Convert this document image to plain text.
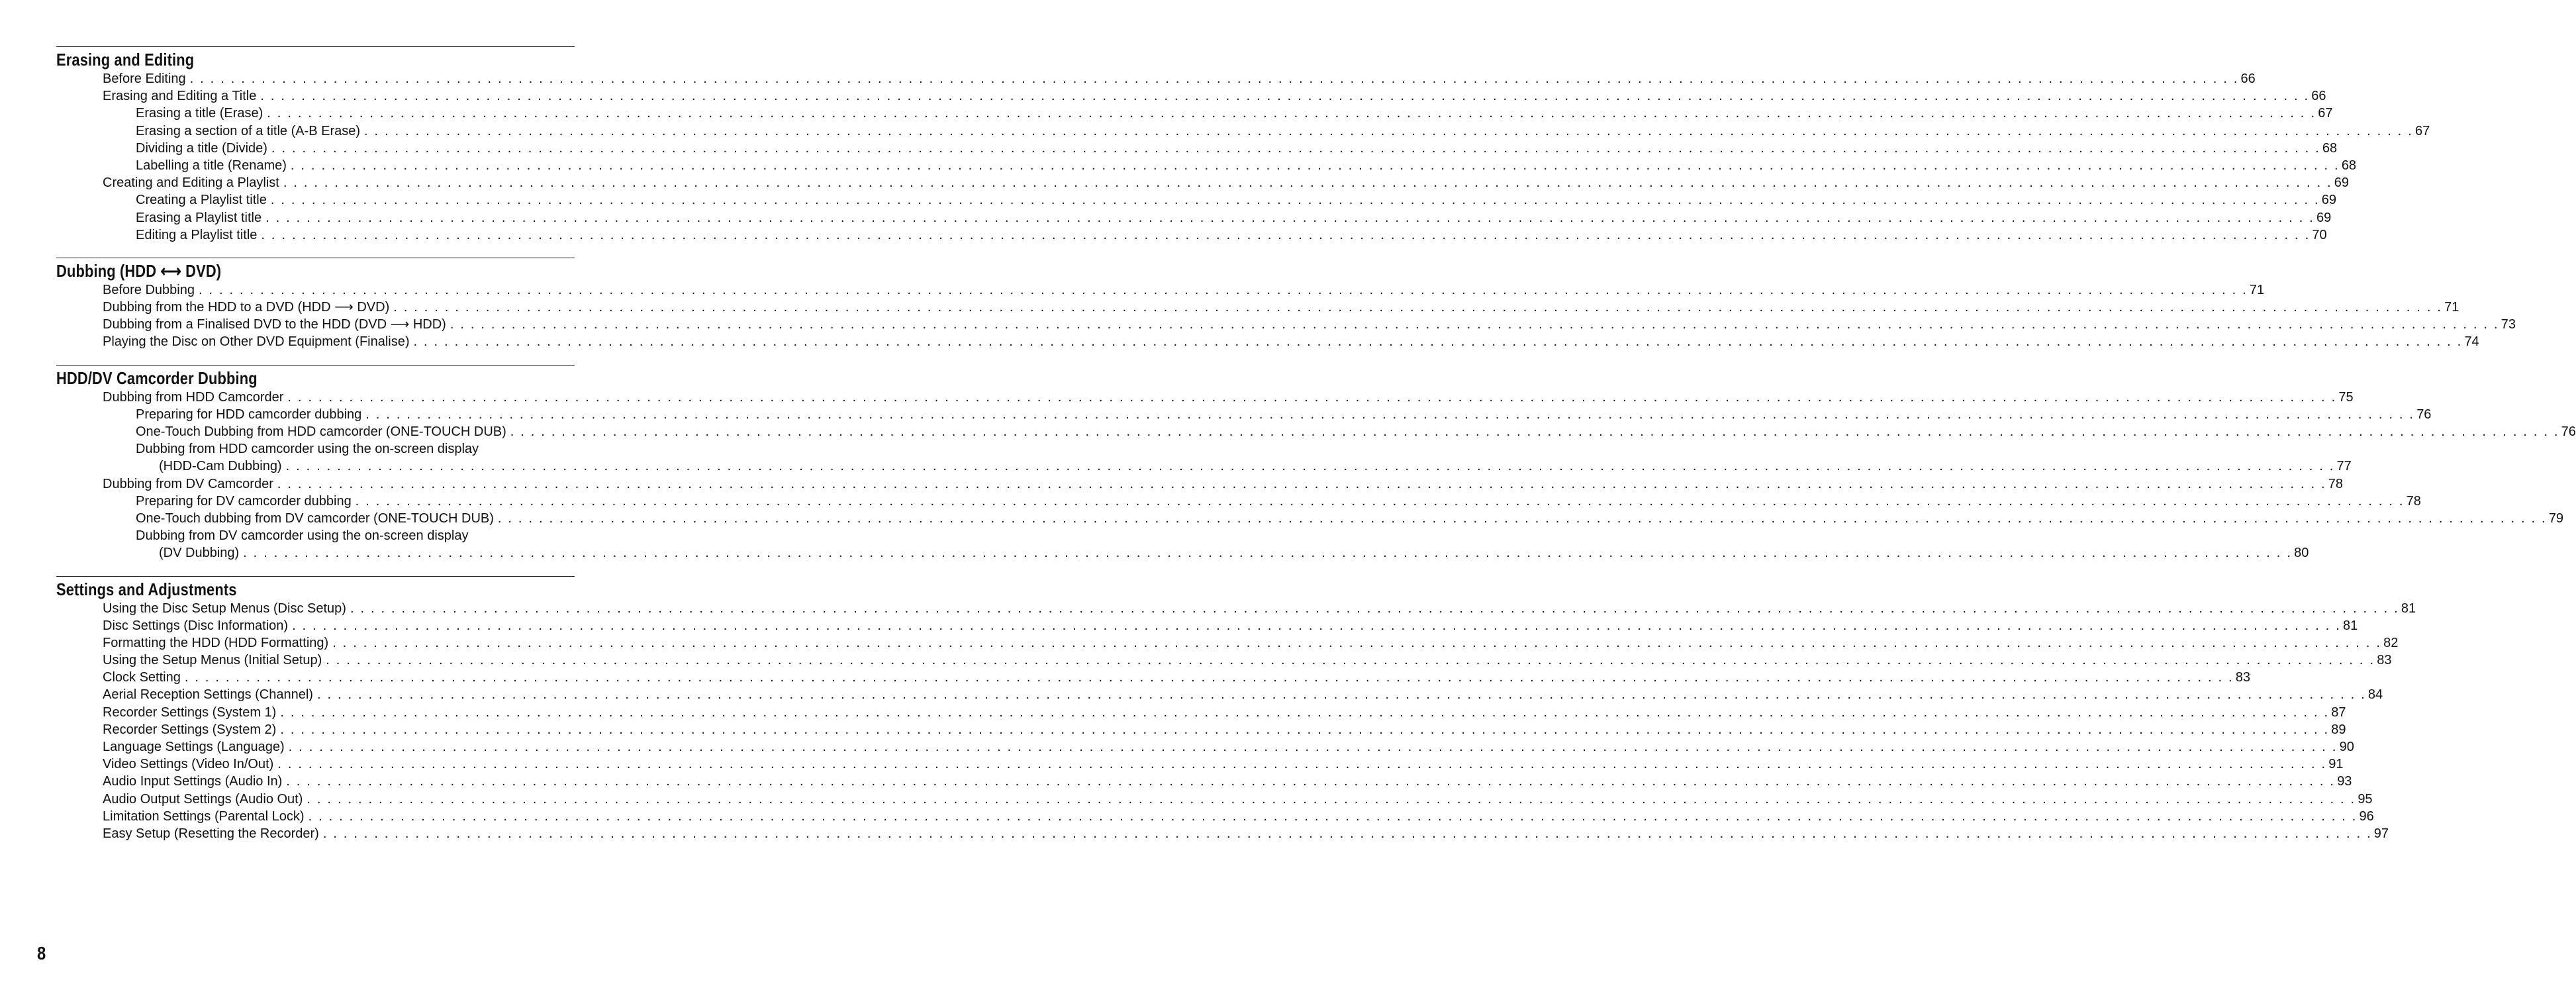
Erasing and Editing
Before Editing . . . . . . . . . . . . . . . . . . . . . . . . . . . . . . . . . . . . . . . . . . . . . . . . . . . . . . . . . . . . . . . . . . . . . . . . . . . . . . . . . . . . . . . . . . . . . . . . . . . . . . . . . . . . . . . . . . . . . . . . . . . . . . . . . . . . . . . . . . . . . . . . . . . . . . . . . . . . . . . . . . . . . . . . . . . . . . . . . . . . . . . . . . . . . . . . . . . . . . . . 66
Erasing and Editing a Title . . . . . . . . . . . . . . . . . . . . . . . . . . . . . . . . . . . . . . . . . . . . . . . . . . . . . . . . . . . . . . . . . . . . . . . . . . . . . . . . . . . . . . . . . . . . . . . . . . . . . . . . . . . . . . . . . . . . . . . . . . . . . . . . . . . . . . . . . . . . . . . . . . . . . . . . . . . . . . . . . . . . . . . . . . . . . . . . . . . . . . . . . . . . . . . . . . . . . . . . 66
Erasing a title (Erase) . . . . . . . . . . . . . . . . . . . . . . . . . . . . . . . . . . . . . . . . . . . . . . . . . . . . . . . . . . . . . . . . . . . . . . . . . . . . . . . . . . . . . . . . . . . . . . . . . . . . . . . . . . . . . . . . . . . . . . . . . . . . . . . . . . . . . . . . . . . . . . . . . . . . . . . . . . . . . . . . . . . . . . . . . . . . . . . . . . . . . . . . . . . . . . . . . . . . . . . . 67
Erasing a section of a title (A-B Erase) . . . . . . . . . . . . . . . . . . . . . . . . . . . . . . . . . . . . . . . . . . . . . . . . . . . . . . . . . . . . . . . . . . . . . . . . . . . . . . . . . . . . . . . . . . . . . . . . . . . . . . . . . . . . . . . . . . . . . . . . . . . . . . . . . . . . . . . . . . . . . . . . . . . . . . . . . . . . . . . . . . . . . . . . . . . . . . . . . . . . . . . . . . . . . . . . . . . . . . . . 67
Dividing a title (Divide) . . . . . . . . . . . . . . . . . . . . . . . . . . . . . . . . . . . . . . . . . . . . . . . . . . . . . . . . . . . . . . . . . . . . . . . . . . . . . . . . . . . . . . . . . . . . . . . . . . . . . . . . . . . . . . . . . . . . . . . . . . . . . . . . . . . . . . . . . . . . . . . . . . . . . . . . . . . . . . . . . . . . . . . . . . . . . . . . . . . . . . . . . . . . . . . . . . . . . . . . 68
Labelling a title (Rename) . . . . . . . . . . . . . . . . . . . . . . . . . . . . . . . . . . . . . . . . . . . . . . . . . . . . . . . . . . . . . . . . . . . . . . . . . . . . . . . . . . . . . . . . . . . . . . . . . . . . . . . . . . . . . . . . . . . . . . . . . . . . . . . . . . . . . . . . . . . . . . . . . . . . . . . . . . . . . . . . . . . . . . . . . . . . . . . . . . . . . . . . . . . . . . . . . . . . . . . . 68
Creating and Editing a Playlist . . . . . . . . . . . . . . . . . . . . . . . . . . . . . . . . . . . . . . . . . . . . . . . . . . . . . . . . . . . . . . . . . . . . . . . . . . . . . . . . . . . . . . . . . . . . . . . . . . . . . . . . . . . . . . . . . . . . . . . . . . . . . . . . . . . . . . . . . . . . . . . . . . . . . . . . . . . . . . . . . . . . . . . . . . . . . . . . . . . . . . . . . . . . . . . . . . . . . . . . 69
Creating a Playlist title . . . . . . . . . . . . . . . . . . . . . . . . . . . . . . . . . . . . . . . . . . . . . . . . . . . . . . . . . . . . . . . . . . . . . . . . . . . . . . . . . . . . . . . . . . . . . . . . . . . . . . . . . . . . . . . . . . . . . . . . . . . . . . . . . . . . . . . . . . . . . . . . . . . . . . . . . . . . . . . . . . . . . . . . . . . . . . . . . . . . . . . . . . . . . . . . . . . . . . . . 69
Erasing a Playlist title . . . . . . . . . . . . . . . . . . . . . . . . . . . . . . . . . . . . . . . . . . . . . . . . . . . . . . . . . . . . . . . . . . . . . . . . . . . . . . . . . . . . . . . . . . . . . . . . . . . . . . . . . . . . . . . . . . . . . . . . . . . . . . . . . . . . . . . . . . . . . . . . . . . . . . . . . . . . . . . . . . . . . . . . . . . . . . . . . . . . . . . . . . . . . . . . . . . . . . . . 69
Editing a Playlist title . . . . . . . . . . . . . . . . . . . . . . . . . . . . . . . . . . . . . . . . . . . . . . . . . . . . . . . . . . . . . . . . . . . . . . . . . . . . . . . . . . . . . . . . . . . . . . . . . . . . . . . . . . . . . . . . . . . . . . . . . . . . . . . . . . . . . . . . . . . . . . . . . . . . . . . . . . . . . . . . . . . . . . . . . . . . . . . . . . . . . . . . . . . . . . . . . . . . . . . . 70
Dubbing (HDD ⟷ DVD)
Before Dubbing . . . . . . . . . . . . . . . . . . . . . . . . . . . . . . . . . . . . . . . . . . . . . . . . . . . . . . . . . . . . . . . . . . . . . . . . . . . . . . . . . . . . . . . . . . . . . . . . . . . . . . . . . . . . . . . . . . . . . . . . . . . . . . . . . . . . . . . . . . . . . . . . . . . . . . . . . . . . . . . . . . . . . . . . . . . . . . . . . . . . . . . . . . . . . . . . . . . . . . . . 71
Dubbing from the HDD to a DVD (HDD ⟶ DVD) . . . . . . . . . . . . . . . . . . . . . . . . . . . . . . . . . . . . . . . . . . . . . . . . . . . . . . . . . . . . . . . . . . . . . . . . . . . . . . . . . . . . . . . . . . . . . . . . . . . . . . . . . . . . . . . . . . . . . . . . . . . . . . . . . . . . . . . . . . . . . . . . . . . . . . . . . . . . . . . . . . . . . . . . . . . . . . . . . . . . . . . . . . . . . . . . . . . . . . . . 71
Dubbing from a Finalised DVD to the HDD (DVD ⟶ HDD) . . . . . . . . . . . . . . . . . . . . . . . . . . . . . . . . . . . . . . . . . . . . . . . . . . . . . . . . . . . . . . . . . . . . . . . . . . . . . . . . . . . . . . . . . . . . . . . . . . . . . . . . . . . . . . . . . . . . . . . . . . . . . . . . . . . . . . . . . . . . . . . . . . . . . . . . . . . . . . . . . . . . . . . . . . . . . . . . . . . . . . . . . . . . . . . . . . . . . . . . 73
Playing the Disc on Other DVD Equipment (Finalise) . . . . . . . . . . . . . . . . . . . . . . . . . . . . . . . . . . . . . . . . . . . . . . . . . . . . . . . . . . . . . . . . . . . . . . . . . . . . . . . . . . . . . . . . . . . . . . . . . . . . . . . . . . . . . . . . . . . . . . . . . . . . . . . . . . . . . . . . . . . . . . . . . . . . . . . . . . . . . . . . . . . . . . . . . . . . . . . . . . . . . . . . . . . . . . . . . . . . . . . . 74
HDD/DV Camcorder Dubbing
Dubbing from HDD Camcorder . . . . . . . . . . . . . . . . . . . . . . . . . . . . . . . . . . . . . . . . . . . . . . . . . . . . . . . . . . . . . . . . . . . . . . . . . . . . . . . . . . . . . . . . . . . . . . . . . . . . . . . . . . . . . . . . . . . . . . . . . . . . . . . . . . . . . . . . . . . . . . . . . . . . . . . . . . . . . . . . . . . . . . . . . . . . . . . . . . . . . . . . . . . . . . . . . . . . . . . . 75
Preparing for HDD camcorder dubbing . . . . . . . . . . . . . . . . . . . . . . . . . . . . . . . . . . . . . . . . . . . . . . . . . . . . . . . . . . . . . . . . . . . . . . . . . . . . . . . . . . . . . . . . . . . . . . . . . . . . . . . . . . . . . . . . . . . . . . . . . . . . . . . . . . . . . . . . . . . . . . . . . . . . . . . . . . . . . . . . . . . . . . . . . . . . . . . . . . . . . . . . . . . . . . . . . . . . . . . . 76
One-Touch Dubbing from HDD camcorder (ONE-TOUCH DUB) . . . . . . . . . . . . . . . . . . . . . . . . . . . . . . . . . . . . . . . . . . . . . . . . . . . . . . . . . . . . . . . . . . . . . . . . . . . . . . . . . . . . . . . . . . . . . . . . . . . . . . . . . . . . . . . . . . . . . . . . . . . . . . . . . . . . . . . . . . . . . . . . . . . . . . . . . . . . . . . . . . . . . . . . . . . . . . . . . . . . . . . . . . . . . . . . . . . . . . . . 76
Dubbing from HDD camcorder using the on-screen display
(HDD-Cam Dubbing) . . . . . . . . . . . . . . . . . . . . . . . . . . . . . . . . . . . . . . . . . . . . . . . . . . . . . . . . . . . . . . . . . . . . . . . . . . . . . . . . . . . . . . . . . . . . . . . . . . . . . . . . . . . . . . . . . . . . . . . . . . . . . . . . . . . . . . . . . . . . . . . . . . . . . . . . . . . . . . . . . . . . . . . . . . . . . . . . . . . . . . . . . . . . . . . . . . . . . . . . 77
Dubbing from DV Camcorder . . . . . . . . . . . . . . . . . . . . . . . . . . . . . . . . . . . . . . . . . . . . . . . . . . . . . . . . . . . . . . . . . . . . . . . . . . . . . . . . . . . . . . . . . . . . . . . . . . . . . . . . . . . . . . . . . . . . . . . . . . . . . . . . . . . . . . . . . . . . . . . . . . . . . . . . . . . . . . . . . . . . . . . . . . . . . . . . . . . . . . . . . . . . . . . . . . . . . . . . 78
Preparing for DV camcorder dubbing . . . . . . . . . . . . . . . . . . . . . . . . . . . . . . . . . . . . . . . . . . . . . . . . . . . . . . . . . . . . . . . . . . . . . . . . . . . . . . . . . . . . . . . . . . . . . . . . . . . . . . . . . . . . . . . . . . . . . . . . . . . . . . . . . . . . . . . . . . . . . . . . . . . . . . . . . . . . . . . . . . . . . . . . . . . . . . . . . . . . . . . . . . . . . . . . . . . . . . . . 78
One-Touch dubbing from DV camcorder (ONE-TOUCH DUB) . . . . . . . . . . . . . . . . . . . . . . . . . . . . . . . . . . . . . . . . . . . . . . . . . . . . . . . . . . . . . . . . . . . . . . . . . . . . . . . . . . . . . . . . . . . . . . . . . . . . . . . . . . . . . . . . . . . . . . . . . . . . . . . . . . . . . . . . . . . . . . . . . . . . . . . . . . . . . . . . . . . . . . . . . . . . . . . . . . . . . . . . . . . . . . . . . . . . . . . . 79
Dubbing from DV camcorder using the on-screen display
(DV Dubbing) . . . . . . . . . . . . . . . . . . . . . . . . . . . . . . . . . . . . . . . . . . . . . . . . . . . . . . . . . . . . . . . . . . . . . . . . . . . . . . . . . . . . . . . . . . . . . . . . . . . . . . . . . . . . . . . . . . . . . . . . . . . . . . . . . . . . . . . . . . . . . . . . . . . . . . . . . . . . . . . . . . . . . . . . . . . . . . . . . . . . . . . . . . . . . . . . . . . . . . . . 80
Settings and Adjustments
Using the Disc Setup Menus (Disc Setup) . . . . . . . . . . . . . . . . . . . . . . . . . . . . . . . . . . . . . . . . . . . . . . . . . . . . . . . . . . . . . . . . . . . . . . . . . . . . . . . . . . . . . . . . . . . . . . . . . . . . . . . . . . . . . . . . . . . . . . . . . . . . . . . . . . . . . . . . . . . . . . . . . . . . . . . . . . . . . . . . . . . . . . . . . . . . . . . . . . . . . . . . . . . . . . . . . . . . . . . . 81
Disc Settings (Disc Information) . . . . . . . . . . . . . . . . . . . . . . . . . . . . . . . . . . . . . . . . . . . . . . . . . . . . . . . . . . . . . . . . . . . . . . . . . . . . . . . . . . . . . . . . . . . . . . . . . . . . . . . . . . . . . . . . . . . . . . . . . . . . . . . . . . . . . . . . . . . . . . . . . . . . . . . . . . . . . . . . . . . . . . . . . . . . . . . . . . . . . . . . . . . . . . . . . . . . . . . . 81
Formatting the HDD (HDD Formatting) . . . . . . . . . . . . . . . . . . . . . . . . . . . . . . . . . . . . . . . . . . . . . . . . . . . . . . . . . . . . . . . . . . . . . . . . . . . . . . . . . . . . . . . . . . . . . . . . . . . . . . . . . . . . . . . . . . . . . . . . . . . . . . . . . . . . . . . . . . . . . . . . . . . . . . . . . . . . . . . . . . . . . . . . . . . . . . . . . . . . . . . . . . . . . . . . . . . . . . . . 82
Using the Setup Menus (Initial Setup) . . . . . . . . . . . . . . . . . . . . . . . . . . . . . . . . . . . . . . . . . . . . . . . . . . . . . . . . . . . . . . . . . . . . . . . . . . . . . . . . . . . . . . . . . . . . . . . . . . . . . . . . . . . . . . . . . . . . . . . . . . . . . . . . . . . . . . . . . . . . . . . . . . . . . . . . . . . . . . . . . . . . . . . . . . . . . . . . . . . . . . . . . . . . . . . . . . . . . . . . 83
Clock Setting . . . . . . . . . . . . . . . . . . . . . . . . . . . . . . . . . . . . . . . . . . . . . . . . . . . . . . . . . . . . . . . . . . . . . . . . . . . . . . . . . . . . . . . . . . . . . . . . . . . . . . . . . . . . . . . . . . . . . . . . . . . . . . . . . . . . . . . . . . . . . . . . . . . . . . . . . . . . . . . . . . . . . . . . . . . . . . . . . . . . . . . . . . . . . . . . . . . . . . . . 83
Aerial Reception Settings (Channel) . . . . . . . . . . . . . . . . . . . . . . . . . . . . . . . . . . . . . . . . . . . . . . . . . . . . . . . . . . . . . . . . . . . . . . . . . . . . . . . . . . . . . . . . . . . . . . . . . . . . . . . . . . . . . . . . . . . . . . . . . . . . . . . . . . . . . . . . . . . . . . . . . . . . . . . . . . . . . . . . . . . . . . . . . . . . . . . . . . . . . . . . . . . . . . . . . . . . . . . . 84
Recorder Settings (System 1) . . . . . . . . . . . . . . . . . . . . . . . . . . . . . . . . . . . . . . . . . . . . . . . . . . . . . . . . . . . . . . . . . . . . . . . . . . . . . . . . . . . . . . . . . . . . . . . . . . . . . . . . . . . . . . . . . . . . . . . . . . . . . . . . . . . . . . . . . . . . . . . . . . . . . . . . . . . . . . . . . . . . . . . . . . . . . . . . . . . . . . . . . . . . . . . . . . . . . . . . 87
Recorder Settings (System 2) . . . . . . . . . . . . . . . . . . . . . . . . . . . . . . . . . . . . . . . . . . . . . . . . . . . . . . . . . . . . . . . . . . . . . . . . . . . . . . . . . . . . . . . . . . . . . . . . . . . . . . . . . . . . . . . . . . . . . . . . . . . . . . . . . . . . . . . . . . . . . . . . . . . . . . . . . . . . . . . . . . . . . . . . . . . . . . . . . . . . . . . . . . . . . . . . . . . . . . . . 89
Language Settings (Language) . . . . . . . . . . . . . . . . . . . . . . . . . . . . . . . . . . . . . . . . . . . . . . . . . . . . . . . . . . . . . . . . . . . . . . . . . . . . . . . . . . . . . . . . . . . . . . . . . . . . . . . . . . . . . . . . . . . . . . . . . . . . . . . . . . . . . . . . . . . . . . . . . . . . . . . . . . . . . . . . . . . . . . . . . . . . . . . . . . . . . . . . . . . . . . . . . . . . . . . . 90
Video Settings (Video In/Out) . . . . . . . . . . . . . . . . . . . . . . . . . . . . . . . . . . . . . . . . . . . . . . . . . . . . . . . . . . . . . . . . . . . . . . . . . . . . . . . . . . . . . . . . . . . . . . . . . . . . . . . . . . . . . . . . . . . . . . . . . . . . . . . . . . . . . . . . . . . . . . . . . . . . . . . . . . . . . . . . . . . . . . . . . . . . . . . . . . . . . . . . . . . . . . . . . . . . . . . . 91
Audio Input Settings (Audio In) . . . . . . . . . . . . . . . . . . . . . . . . . . . . . . . . . . . . . . . . . . . . . . . . . . . . . . . . . . . . . . . . . . . . . . . . . . . . . . . . . . . . . . . . . . . . . . . . . . . . . . . . . . . . . . . . . . . . . . . . . . . . . . . . . . . . . . . . . . . . . . . . . . . . . . . . . . . . . . . . . . . . . . . . . . . . . . . . . . . . . . . . . . . . . . . . . . . . . . . . 93
Audio Output Settings (Audio Out) . . . . . . . . . . . . . . . . . . . . . . . . . . . . . . . . . . . . . . . . . . . . . . . . . . . . . . . . . . . . . . . . . . . . . . . . . . . . . . . . . . . . . . . . . . . . . . . . . . . . . . . . . . . . . . . . . . . . . . . . . . . . . . . . . . . . . . . . . . . . . . . . . . . . . . . . . . . . . . . . . . . . . . . . . . . . . . . . . . . . . . . . . . . . . . . . . . . . . . . . 95
Limitation Settings (Parental Lock) . . . . . . . . . . . . . . . . . . . . . . . . . . . . . . . . . . . . . . . . . . . . . . . . . . . . . . . . . . . . . . . . . . . . . . . . . . . . . . . . . . . . . . . . . . . . . . . . . . . . . . . . . . . . . . . . . . . . . . . . . . . . . . . . . . . . . . . . . . . . . . . . . . . . . . . . . . . . . . . . . . . . . . . . . . . . . . . . . . . . . . . . . . . . . . . . . . . . . . . . 96
Easy Setup (Resetting the Recorder) . . . . . . . . . . . . . . . . . . . . . . . . . . . . . . . . . . . . . . . . . . . . . . . . . . . . . . . . . . . . . . . . . . . . . . . . . . . . . . . . . . . . . . . . . . . . . . . . . . . . . . . . . . . . . . . . . . . . . . . . . . . . . . . . . . . . . . . . . . . . . . . . . . . . . . . . . . . . . . . . . . . . . . . . . . . . . . . . . . . . . . . . . . . . . . . . . . . . . . . . 97
8
